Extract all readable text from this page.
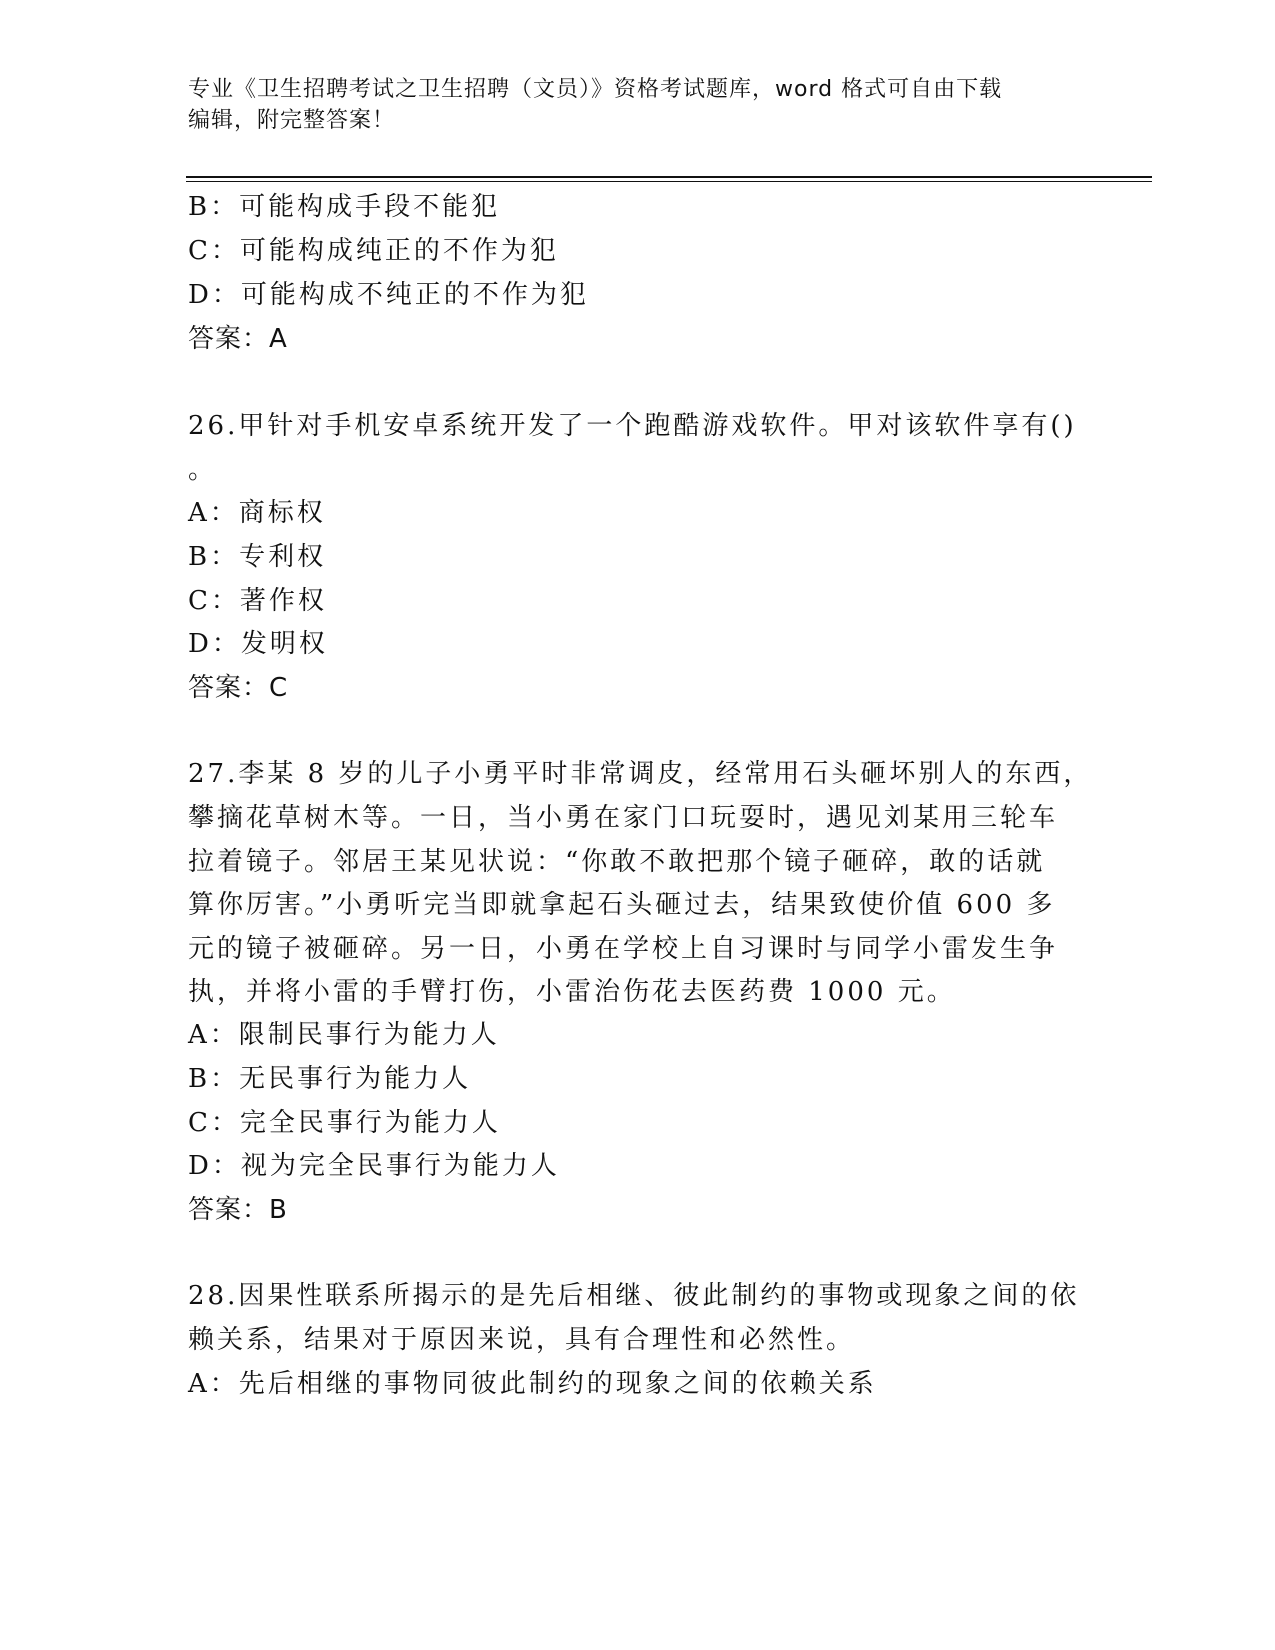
专业《卫生招聘考试之卫生招聘（文员）》资格考试题库，word 格式可自由下载
编辑，附完整答案！
B：可能构成手段不能犯
C：可能构成纯正的不作为犯
D：可能构成不纯正的不作为犯
答案：A
26.甲针对手机安卓系统开发了一个跑酷游戏软件。甲对该软件享有()
。
A：商标权
B：专利权
C：著作权
D：发明权
答案：C
27.李某 8 岁的儿子小勇平时非常调皮，经常用石头砸坏别人的东西，
攀摘花草树木等。一日，当小勇在家门口玩耍时，遇见刘某用三轮车
拉着镜子。邻居王某见状说：“你敢不敢把那个镜子砸碎，敢的话就
算你厉害。”小勇听完当即就拿起石头砸过去，结果致使价值 600 多
元的镜子被砸碎。另一日，小勇在学校上自习课时与同学小雷发生争
执，并将小雷的手臂打伤，小雷治伤花去医药费 1000 元。
A：限制民事行为能力人
B：无民事行为能力人
C：完全民事行为能力人
D：视为完全民事行为能力人
答案：B
28.因果性联系所揭示的是先后相继、彼此制约的事物或现象之间的依
赖关系，结果对于原因来说，具有合理性和必然性。
A：先后相继的事物同彼此制约的现象之间的依赖关系
